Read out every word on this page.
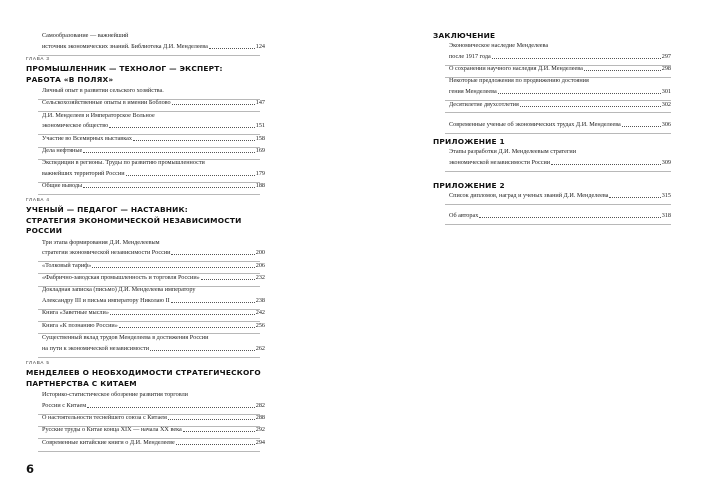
Самообразование — важнейший
источник экономических знаний. Библиотека Д.И. Менделеева	124
ГЛАВА 3
ПРОМЫШЛЕННИК — ТЕХНОЛОГ — ЭКСПЕРТ:
РАБОТА «В ПОЛЯХ»
Личный опыт в развитии сельского хозяйства.
Сельскохозяйственные опыты в имении Боблово	147
Д.И. Менделеев и Императорское Вольное
экономическое общество	151
Участие во Всемирных выставках	158
Дела нефтяные	169
Экспедиции в регионы. Труды по развитию промышленности
важнейших территорий России	179
Общие выводы	188
ГЛАВА 4
УЧЕНЫЙ — ПЕДАГОГ — НАСТАВНИК:
СТРАТЕГИЯ ЭКОНОМИЧЕСКОЙ НЕЗАВИСИМОСТИ
РОССИИ
Три этапа формирования Д.И. Менделеевым
стратегии экономической независимости России	200
«Толковый тариф»	206
«Фабрично-заводская промышленность и торговля России»	232
Докладная записка (письмо) Д.И. Менделеева императору
Александру III и письма императору Николаю II	238
Книга «Заветные мысли»	242
Книга «К познанию России»	256
Существенный вклад трудов Менделеева в достижения России
на пути к экономической независимости	262
ГЛАВА 5
МЕНДЕЛЕЕВ О НЕОБХОДИМОСТИ СТРАТЕГИЧЕСКОГО
ПАРТНЕРСТВА С КИТАЕМ
Историко-статистическое обозрение развития торговли
России с Китаем	282
О настоятельности теснейшего союза с Китаем	288
Русские труды о Китае конца XIX — начала XX века	292
Современные китайские книги о Д.И. Менделееве	294
6
ЗАКЛЮЧЕНИЕ
Экономическое наследие Менделеева
после 1917 года	297
О сохранении научного наследия Д.И. Менделеева	298
Некоторые предложения по продвижению достояния
гения Менделеева	301
Десятилетие двухсотлетия	302
Современные ученые об экономических трудах Д.И. Менделеева	306
ПРИЛОЖЕНИЕ 1
Этапы разработки Д.И. Менделеевым стратегии
экономической независимости России	309
ПРИЛОЖЕНИЕ 2
Список дипломов, наград и ученых званий Д.И. Менделеева	315
Об авторах	318
